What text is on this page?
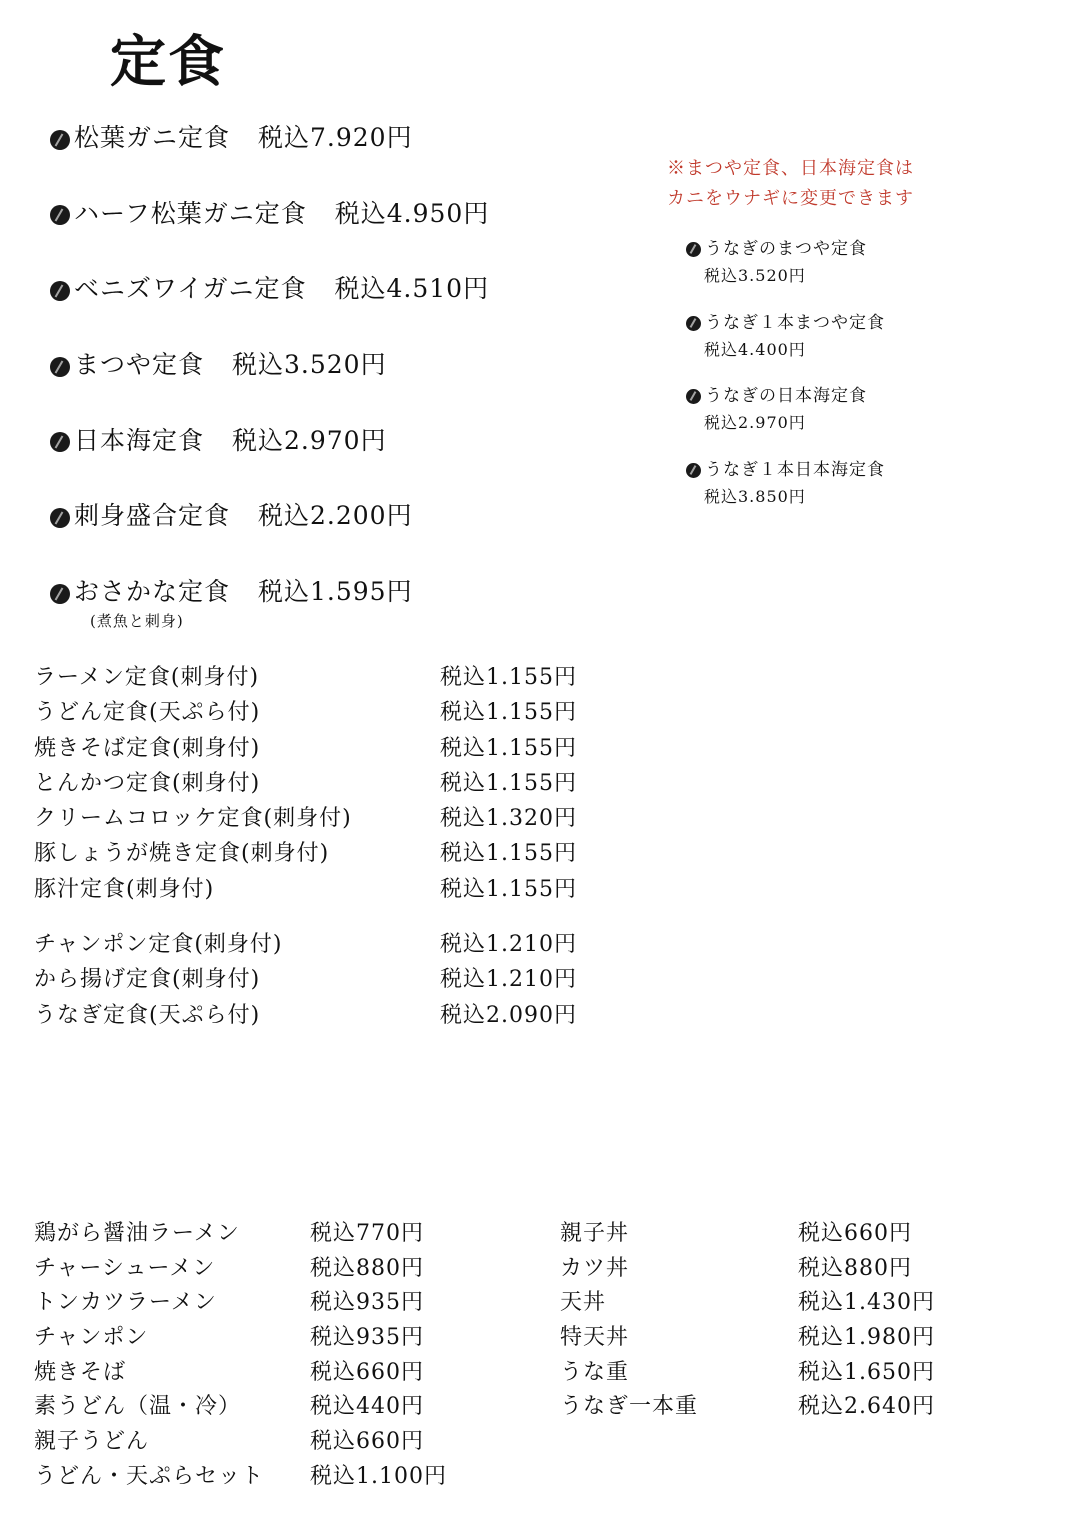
定食
松葉ガニ定食 税込7.920円
ハーフ松葉ガニ定食 税込4.950円
ベニズワイガニ定食 税込4.510円
まつや定食 税込3.520円
日本海定食 税込2.970円
刺身盛合定食 税込2.200円
おさかな定食 税込1.595円
(煮魚と刺身)
※まつや定食、日本海定食は
カニをウナギに変更できます
うなぎのまつや定食
税込3.520円
うなぎ１本まつや定食
税込4.400円
うなぎの日本海定食
税込2.970円
うなぎ１本日本海定食
税込3.850円
ラーメン定食(刺身付)	税込1.155円
うどん定食(天ぷら付)	税込1.155円
焼きそば定食(刺身付)	税込1.155円
とんかつ定食(刺身付)	税込1.155円
クリームコロッケ定食(刺身付)	税込1.320円
豚しょうが焼き定食(刺身付)	税込1.155円
豚汁定食(刺身付)	税込1.155円
チャンポン定食(刺身付)	税込1.210円
から揚げ定食(刺身付)	税込1.210円
うなぎ定食(天ぷら付)	税込2.090円
鶏がら醤油ラーメン	税込770円
チャーシューメン	税込880円
トンカツラーメン	税込935円
チャンポン	税込935円
焼きそば	税込660円
素うどん（温・冷）	税込440円
親子うどん	税込660円
うどん・天ぷらセット 税込1.100円
親子丼	税込660円
カツ丼	税込880円
天丼	税込1.430円
特天丼	税込1.980円
うな重	税込1.650円
うなぎ一本重	税込2.640円
